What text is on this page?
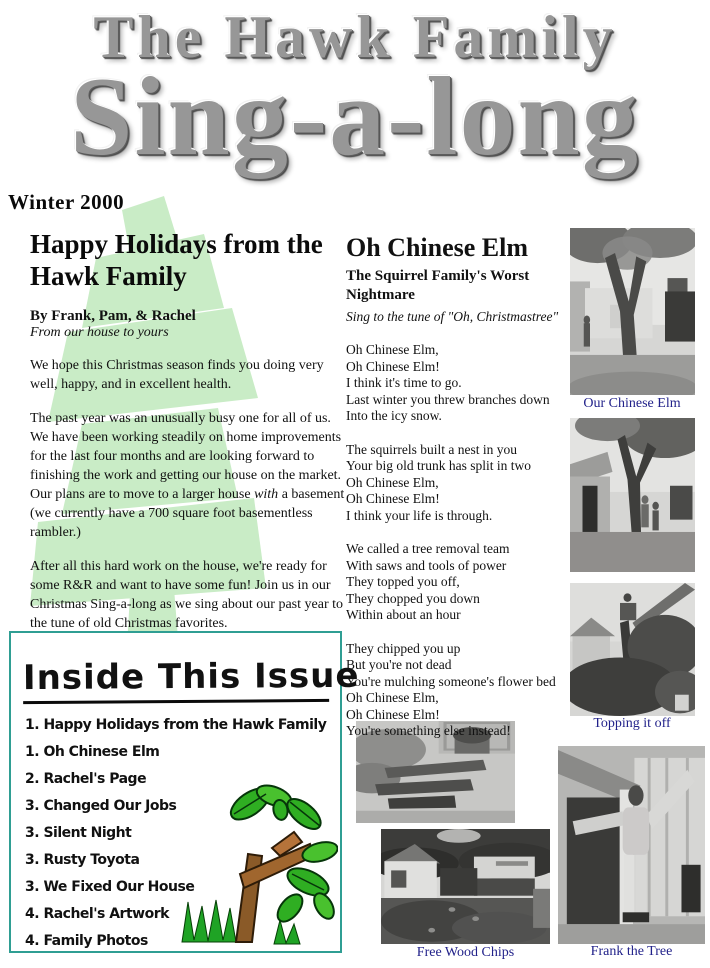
The Hawk Family
Sing-a-long
Winter 2000
Happy Holidays from the Hawk Family
By Frank, Pam, & Rachel
From our house to yours

We hope this Christmas season finds you doing very well, happy, and in excellent health.

The past year was an unusually busy one for all of us. We have been working steadily on home improvements for the last four months and are looking forward to finishing the work and getting our house on the market. Our plans are to move to a larger house with a basement (we currently have a 700 square foot basementless rambler.)

After all this hard work on the house, we're ready for some R&R and want to have some fun! Join us in our Christmas Sing-a-long as we sing about our past year to the tune of old Christmas favorites.

Oh Chinese Elm
The Squirrel Family's Worst Nightmare
Sing to the tune of "Oh, Christmastree"
Oh Chinese Elm,
Oh Chinese Elm!
I think it's time to go.
Last winter you threw branches down
Into the icy snow.
The squirrels built a nest in you
Your big old trunk has split in two
Oh Chinese Elm,
Oh Chinese Elm!
I think your life is through.
We called a tree removal team
With saws and tools of power
They topped you off,
They chopped you down
Within about an hour
They chipped you up
But you're not dead
You're mulching someone's flower bed
Oh Chinese Elm,
Oh Chinese Elm!
You're something else instead!
Inside This Issue
1. Happy Holidays from the Hawk Family
1. Oh Chinese Elm
2. Rachel's Page
3. Changed Our Jobs
3. Silent Night
3. Rusty Toyota
3. We Fixed Our House
4. Rachel's Artwork
4. Family Photos
Our Chinese Elm
Topping it off
Free Wood Chips	Frank the Tree
